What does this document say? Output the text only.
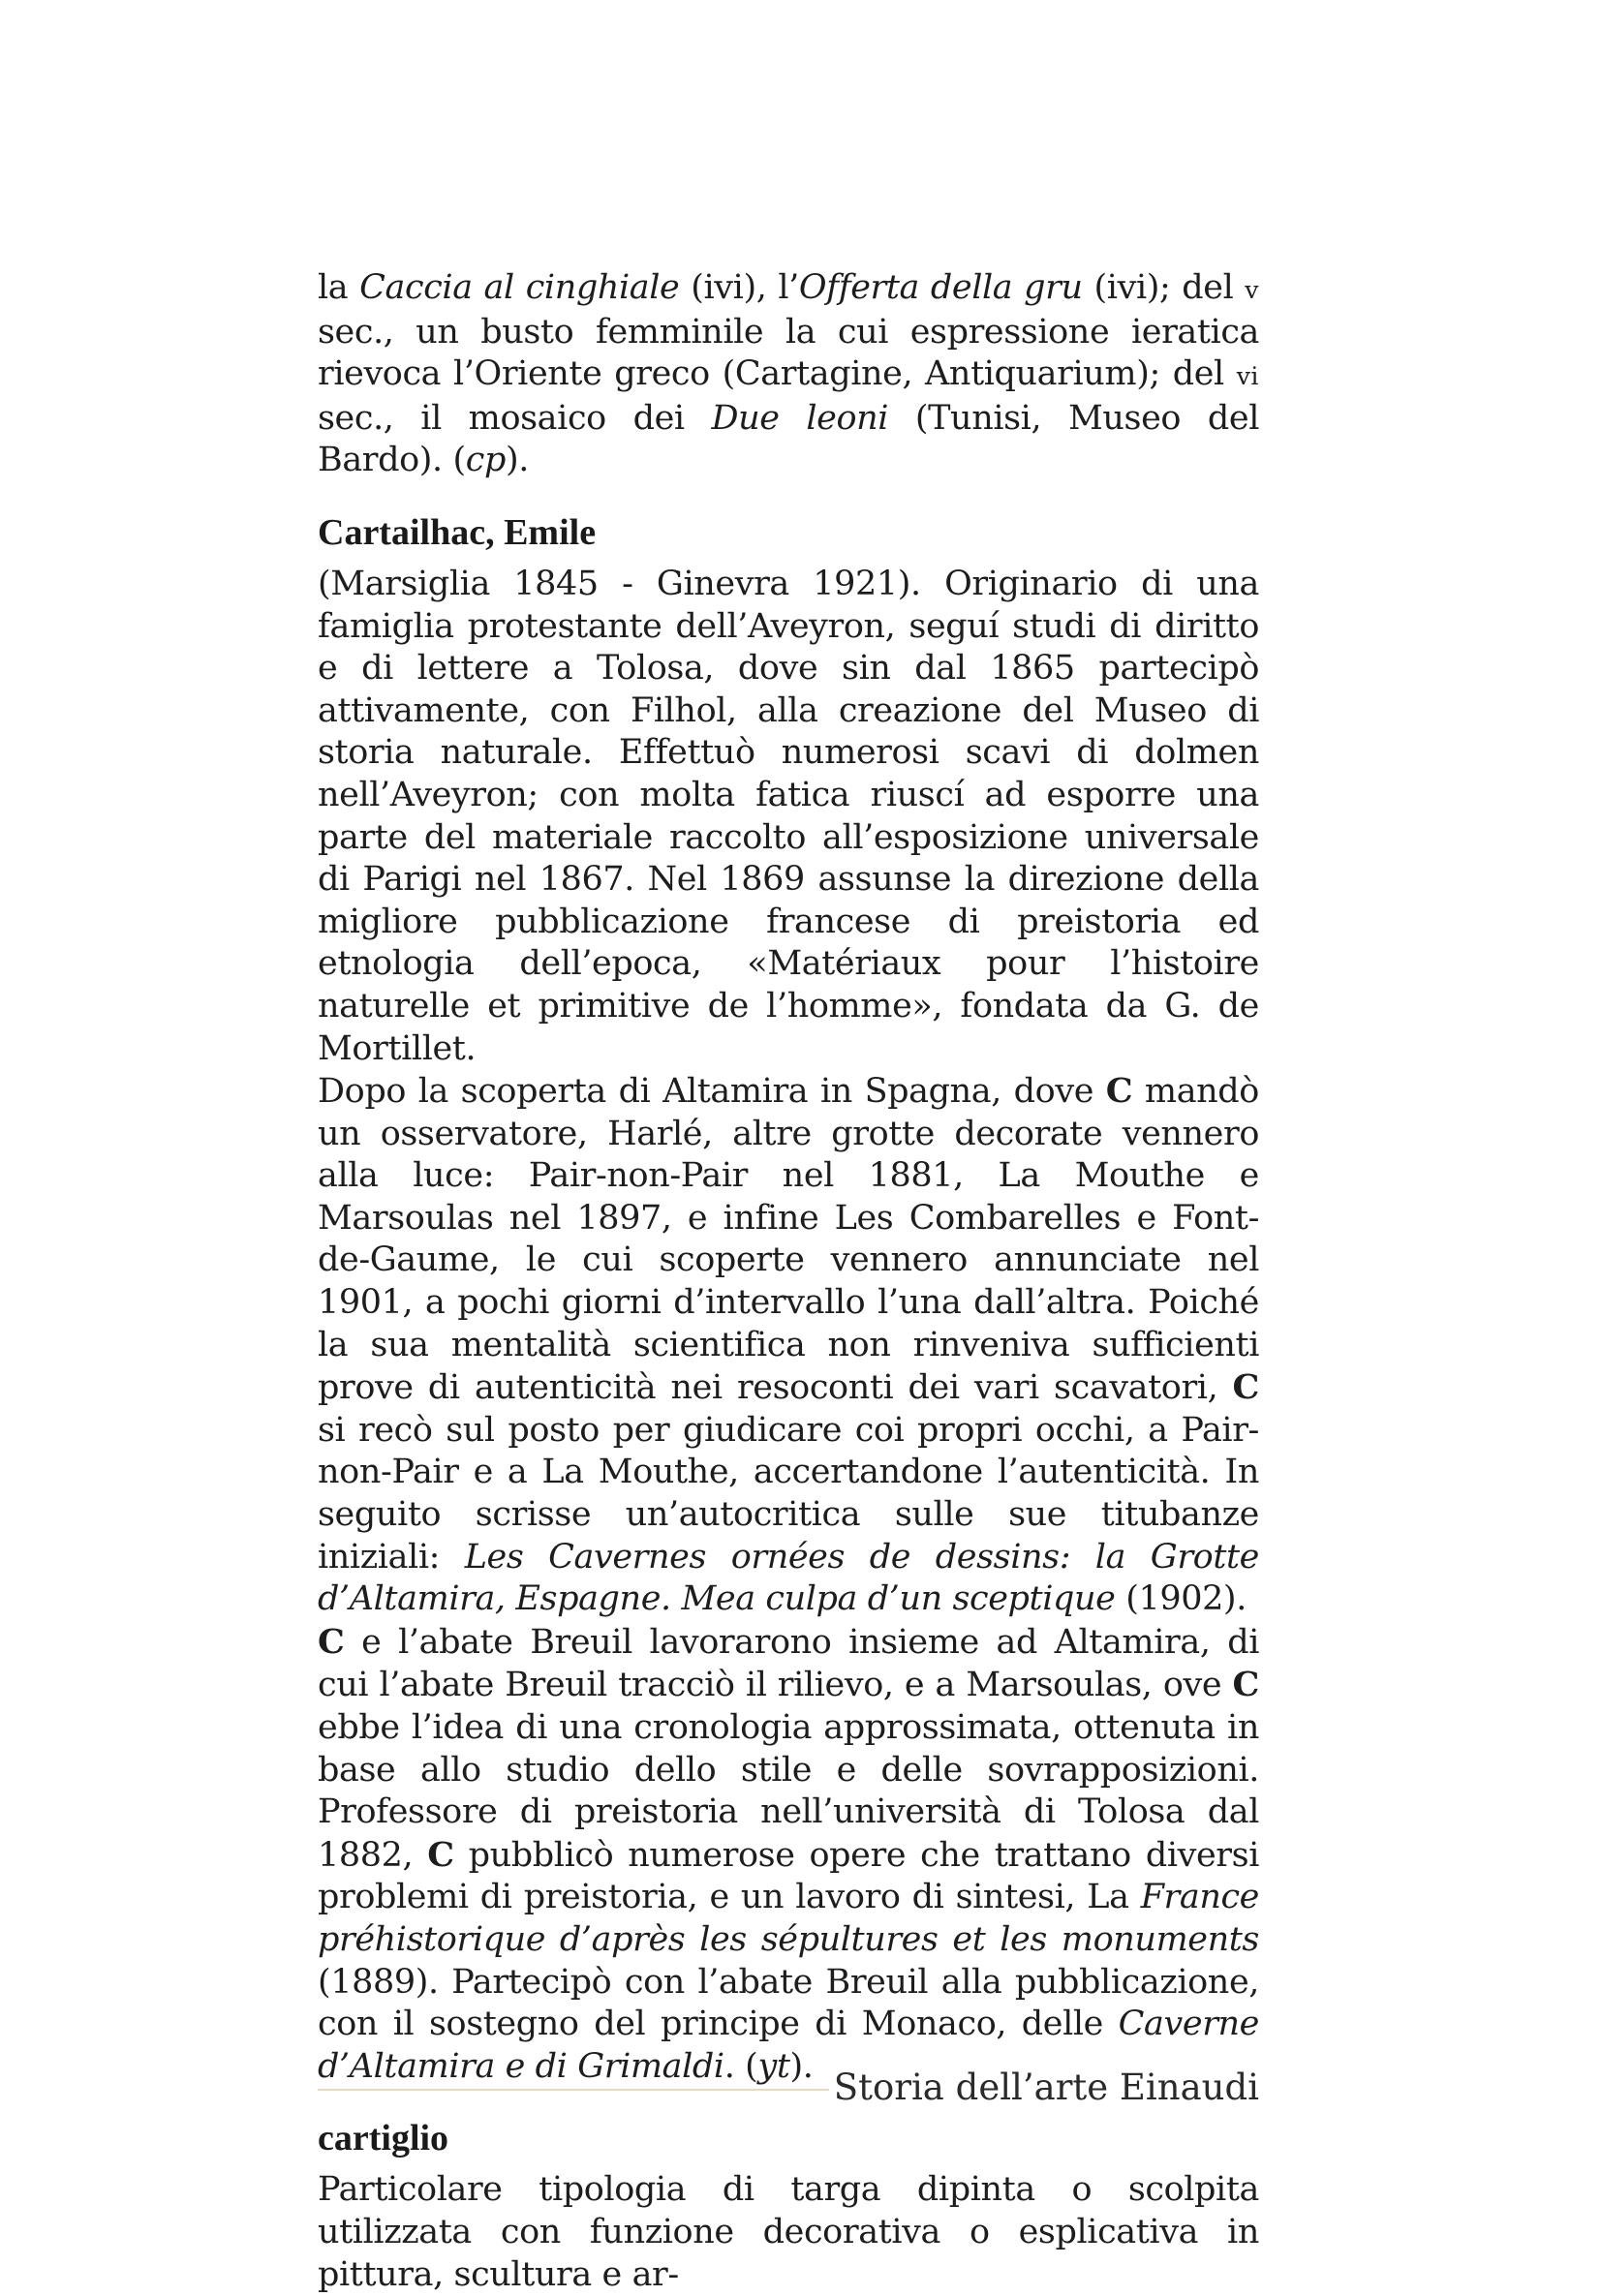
la Caccia al cinghiale (ivi), l’Offerta della gru (ivi); del v sec., un busto femminile la cui espressione ieratica rievoca l’Oriente greco (Cartagine, Antiquarium); del vi sec., il mosaico dei Due leoni (Tunisi, Museo del Bardo). (cp).

Cartailhac, Emile

(Marsiglia 1845 - Ginevra 1921). Originario di una famiglia protestante dell’Aveyron, seguí studi di diritto e di lettere a Tolosa, dove sin dal 1865 partecipò attivamente, con Filhol, alla creazione del Museo di storia naturale. Effettuò numerosi scavi di dolmen nell’Aveyron; con molta fatica riuscí ad esporre una parte del materiale raccolto all’esposizione universale di Parigi nel 1867. Nel 1869 assunse la direzione della migliore pubblicazione francese di preistoria ed etnologia dell’epoca, «Matériaux pour l’histoire naturelle et primitive de l’homme», fondata da G. de Mortillet.

Dopo la scoperta di Altamira in Spagna, dove C mandò un osservatore, Harlé, altre grotte decorate vennero alla luce: Pair-non-Pair nel 1881, La Mouthe e Marsoulas nel 1897, e infine Les Combarelles e Font-de-Gaume, le cui scoperte vennero annunciate nel 1901, a pochi giorni d’intervallo l’una dall’altra. Poiché la sua mentalità scientifica non rinveniva sufficienti prove di autenticità nei resoconti dei vari scavatori, C si recò sul posto per giudicare coi propri occhi, a Pair-non-Pair e a La Mouthe, accertandone l’autenticità. In seguito scrisse un’autocritica sulle sue titubanze iniziali: Les Cavernes ornées de dessins: la Grotte d’Altamira, Espagne. Mea culpa d’un sceptique (1902).

C e l’abate Breuil lavorarono insieme ad Altamira, di cui l’abate Breuil tracciò il rilievo, e a Marsoulas, ove C ebbe l’idea di una cronologia approssimata, ottenuta in base allo studio dello stile e delle sovrapposizioni. Professore di preistoria nell’università di Tolosa dal 1882, C pubblicò numerose opere che trattano diversi problemi di preistoria, e un lavoro di sintesi, La France préhistorique d’après les sépultures et les monuments (1889). Partecipò con l’abate Breuil alla pubblicazione, con il sostegno del principe di Monaco, delle Caverne d’Altamira e di Grimaldi. (yt).

cartiglio

Particolare tipologia di targa dipinta o scolpita utilizzata con funzione decorativa o esplicativa in pittura, scultura e ar-

Storia dell’arte Einaudi
